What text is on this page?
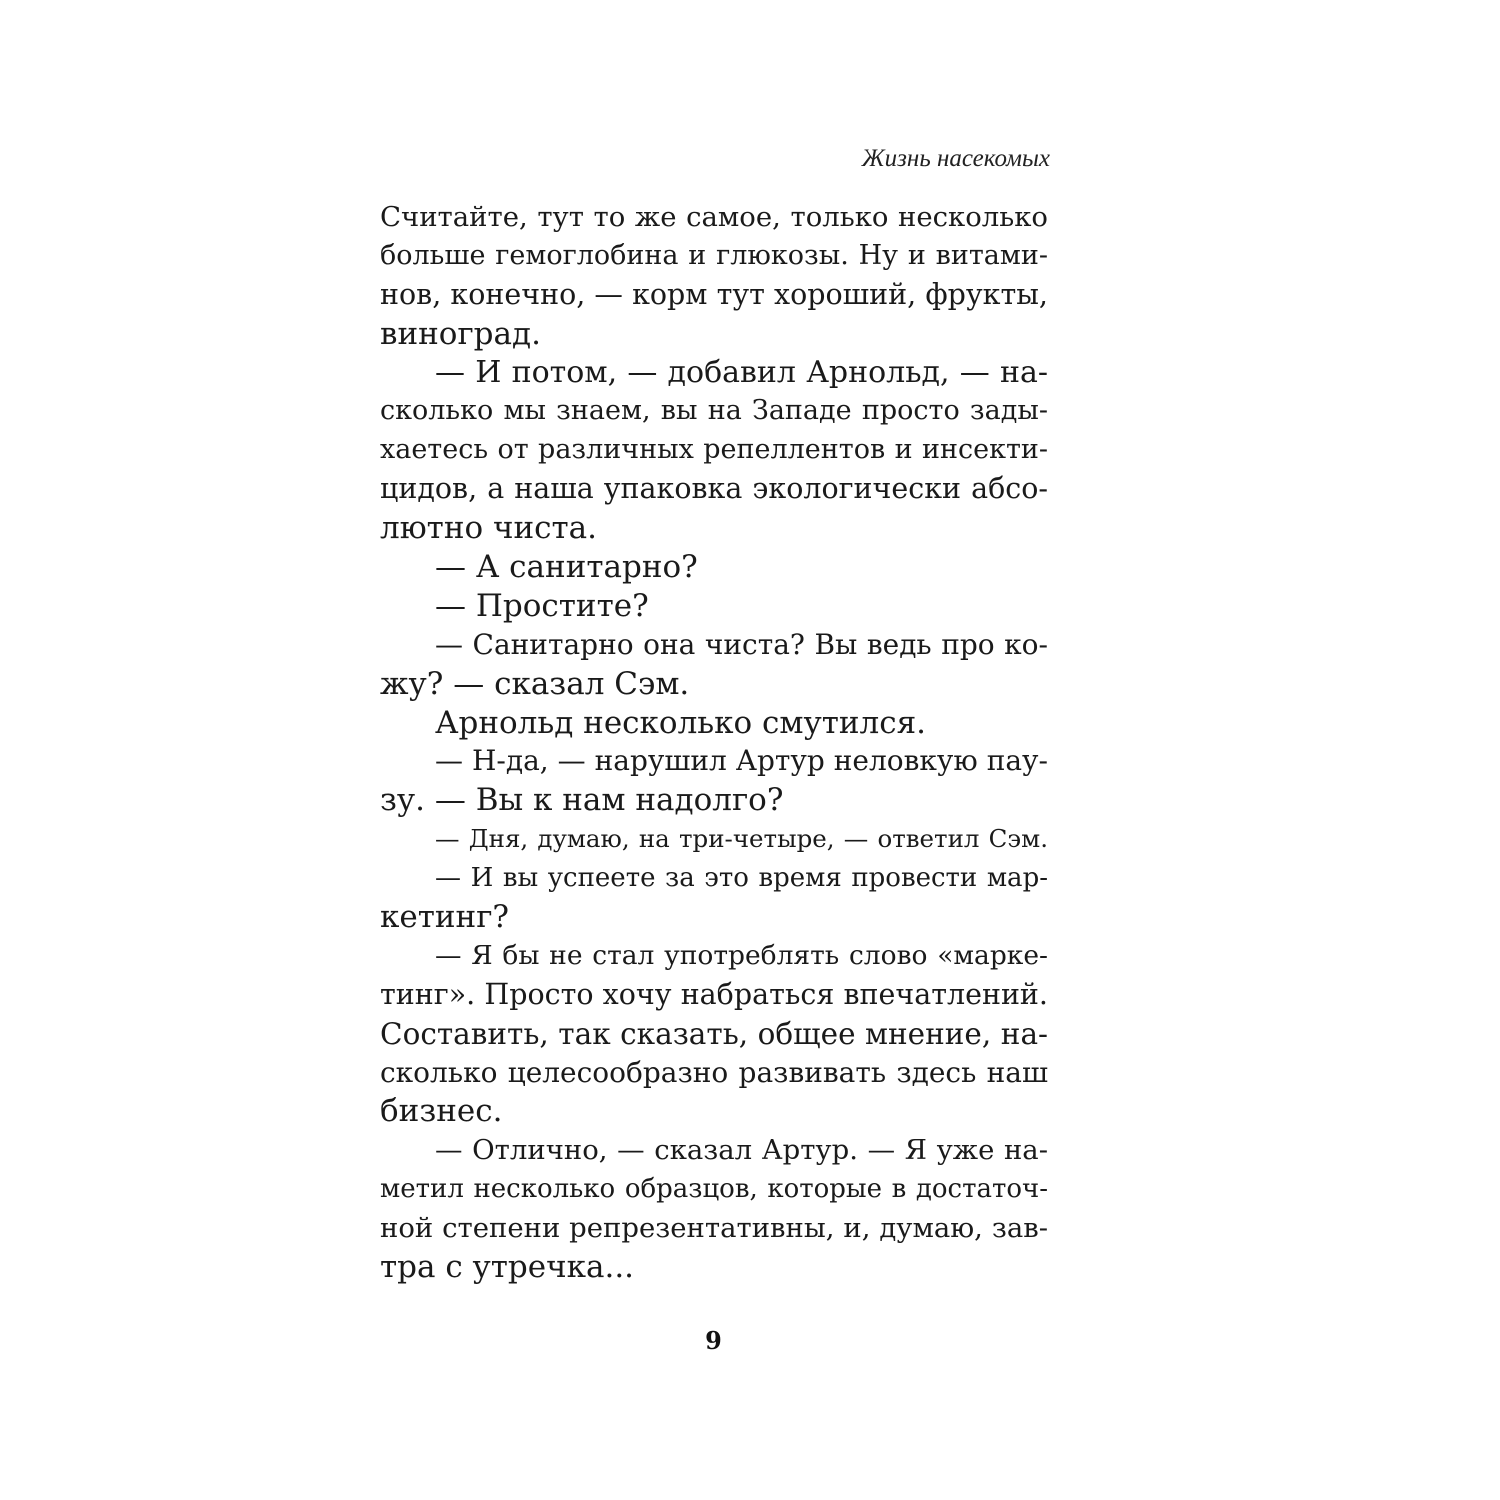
Жизнь насекомых
Считайте, тут то же самое, только несколько
больше гемоглобина и глюкозы. Ну и витами-
нов, конечно, — корм тут хороший, фрукты,
виноград.
— И потом, — добавил Арнольд, — на-
сколько мы знаем, вы на Западе просто зады-
хаетесь от различных репеллентов и инсекти-
цидов, а наша упаковка экологически абсо-
лютно чиста.
— А санитарно?
— Простите?
— Санитарно она чиста? Вы ведь про ко-
жу? — сказал Сэм.
Арнольд несколько смутился.
— Н-да, — нарушил Артур неловкую пау-
зу. — Вы к нам надолго?
— Дня, думаю, на три-четыре, — ответил Сэм.
— И вы успеете за это время провести мар-
кетинг?
— Я бы не стал употреблять слово «марке-
тинг». Просто хочу набраться впечатлений.
Составить, так сказать, общее мнение, на-
сколько целесообразно развивать здесь наш
бизнес.
— Отлично, — сказал Артур. — Я уже на-
метил несколько образцов, которые в достаточ-
ной степени репрезентативны, и, думаю, зав-
тра с утречка...
9
